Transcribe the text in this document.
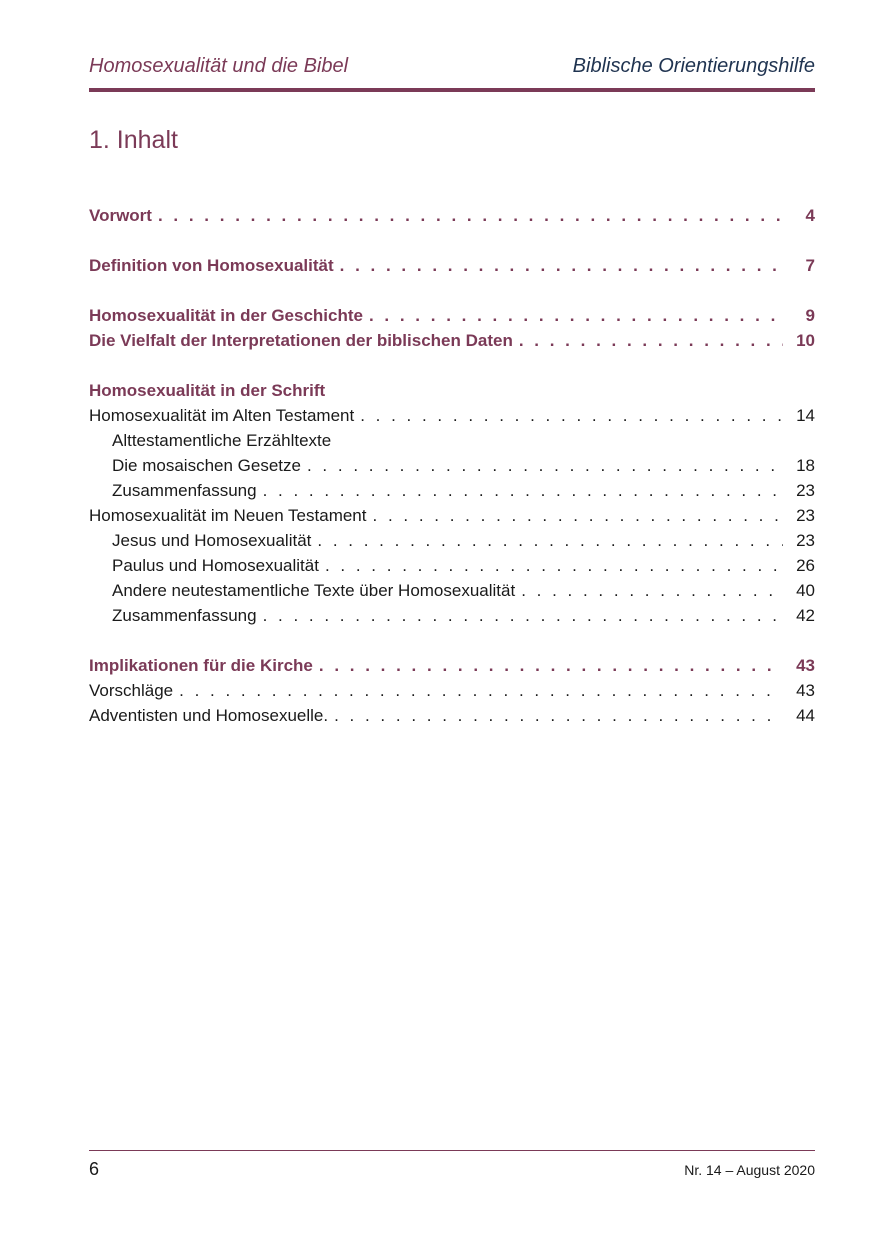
Homosexualität und die Bibel	Biblische Orientierungshilfe
1. Inhalt
Vorwort . . .	4
Definition von Homosexualität . . .	7
Homosexualität in der Geschichte . . .	9
Die Vielfalt der Interpretationen der biblischen Daten . . .	10
Homosexualität in der Schrift
Homosexualität im Alten Testament . . .	14
Alttestamentliche Erzähltexte
Die mosaischen Gesetze . . .	18
Zusammenfassung . . .	23
Homosexualität im Neuen Testament . . .	23
Jesus und Homosexualität . . .	23
Paulus und Homosexualität . . .	26
Andere neutestamentliche Texte über Homosexualität . . .	40
Zusammenfassung . . .	42
Implikationen für die Kirche . . .	43
Vorschläge . . .	43
Adventisten und Homosexuelle. . . .	44
6	Nr. 14 – August 2020
